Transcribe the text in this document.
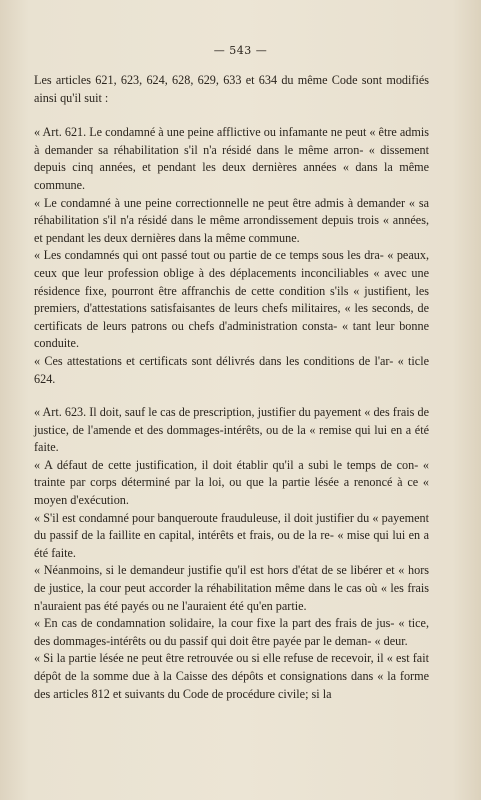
— 543 —

Les articles 621, 623, 624, 628, 629, 633 et 634 du même Code sont modifiés ainsi qu'il suit :

« Art. 621. Le condamné à une peine afflictive ou infamante ne peut « être admis à demander sa réhabilitation s'il n'a résidé dans le même arron- « dissement depuis cinq années, et pendant les deux dernières années « dans la même commune.

« Le condamné à une peine correctionnelle ne peut être admis à demander « sa réhabilitation s'il n'a résidé dans le même arrondissement depuis trois « années, et pendant les deux dernières dans la même commune.

« Les condamnés qui ont passé tout ou partie de ce temps sous les dra- « peaux, ceux que leur profession oblige à des déplacements inconciliables « avec une résidence fixe, pourront être affranchis de cette condition s'ils « justifient, les premiers, d'attestations satisfaisantes de leurs chefs militaires, « les seconds, de certificats de leurs patrons ou chefs d'administration consta- « tant leur bonne conduite.

« Ces attestations et certificats sont délivrés dans les conditions de l'ar- « ticle 624.

« Art. 623. Il doit, sauf le cas de prescription, justifier du payement « des frais de justice, de l'amende et des dommages-intérêts, ou de la « remise qui lui en a été faite.

« A défaut de cette justification, il doit établir qu'il a subi le temps de con- « trainte par corps déterminé par la loi, ou que la partie lésée a renoncé à ce « moyen d'exécution.

« S'il est condamné pour banqueroute frauduleuse, il doit justifier du « payement du passif de la faillite en capital, intérêts et frais, ou de la re- « mise qui lui en a été faite.

« Néanmoins, si le demandeur justifie qu'il est hors d'état de se libérer et « hors de justice, la cour peut accorder la réhabilitation même dans le cas où « les frais n'auraient pas été payés ou ne l'auraient été qu'en partie.

« En cas de condamnation solidaire, la cour fixe la part des frais de jus- « tice, des dommages-intérêts ou du passif qui doit être payée par le deman- « deur.

« Si la partie lésée ne peut être retrouvée ou si elle refuse de recevoir, il « est fait dépôt de la somme due à la Caisse des dépôts et consignations dans « la forme des articles 812 et suivants du Code de procédure civile; si la
